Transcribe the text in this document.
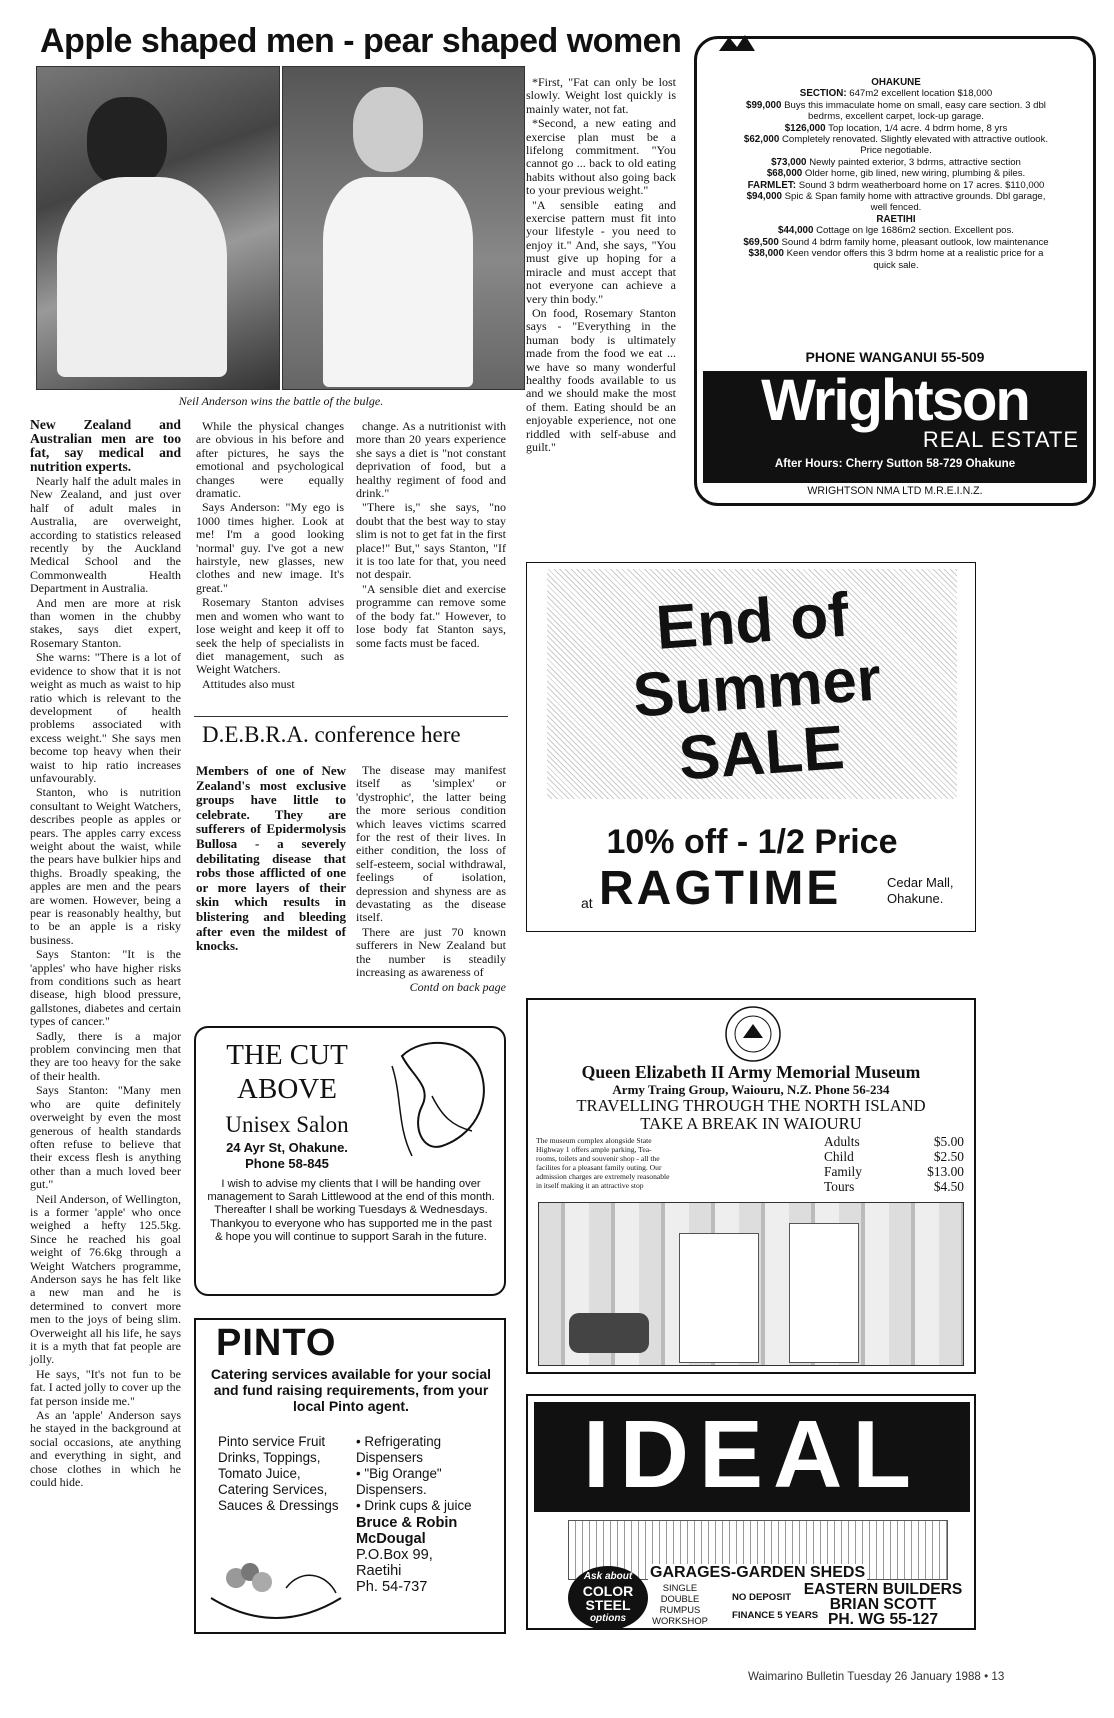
Apple shaped men - pear shaped women
Neil Anderson wins the battle of the bulge.

New Zealand and Australian men are too fat, say medical and nutrition experts.

Nearly half the adult males in New Zealand, and just over half of adult males in Australia, are overweight, according to statistics released recently by the Auckland Medical School and the Commonwealth Health Department in Australia.

And men are more at risk than women in the chubby stakes, says diet expert, Rosemary Stanton.

She warns: "There is a lot of evidence to show that it is not weight as much as waist to hip ratio which is relevant to the development of health problems associated with excess weight." She says men become top heavy when their waist to hip ratio increases unfavourably.

Stanton, who is nutrition consultant to Weight Watchers, describes people as apples or pears. The apples carry excess weight about the waist, while the pears have bulkier hips and thighs. Broadly speaking, the apples are men and the pears are women. However, being a pear is reasonably healthy, but to be an apple is a risky business.

Says Stanton: "It is the 'apples' who have higher risks from conditions such as heart disease, high blood pressure, gallstones, diabetes and certain types of cancer."

Sadly, there is a major problem convincing men that they are too heavy for the sake of their health.

Says Stanton: "Many men who are quite definitely overweight by even the most generous of health standards often refuse to believe that their excess flesh is anything other than a much loved beer gut."

Neil Anderson, of Wellington, is a former 'apple' who once weighed a hefty 125.5kg. Since he reached his goal weight of 76.6kg through a Weight Watchers programme, Anderson says he has felt like a new man and he is determined to convert more men to the joys of being slim. Overweight all his life, he says it is a myth that fat people are jolly.

He says, "It's not fun to be fat. I acted jolly to cover up the fat person inside me."

As an 'apple' Anderson says he stayed in the background at social occasions, ate anything and everything in sight, and chose clothes in which he could hide.

While the physical changes are obvious in his before and after pictures, he says the emotional and psychological changes were equally dramatic.

Says Anderson: "My ego is 1000 times higher. Look at me! I'm a good looking 'normal' guy. I've got a new hairstyle, new glasses, new clothes and new image. It's great."

Rosemary Stanton advises men and women who want to lose weight and keep it off to seek the help of specialists in diet management, such as Weight Watchers.

Attitudes also must

change. As a nutritionist with more than 20 years experience she says a diet is "not constant deprivation of food, but a healthy regiment of food and drink."

"There is," she says, "no doubt that the best way to stay slim is not to get fat in the first place!" But," says Stanton, "If it is too late for that, you need not despair.

"A sensible diet and exercise programme can remove some of the body fat." However, to lose body fat Stanton says, some facts must be faced.

*First, "Fat can only be lost slowly. Weight lost quickly is mainly water, not fat.

*Second, a new eating and exercise plan must be a lifelong commitment. "You cannot go ... back to old eating habits without also going back to your previous weight."

"A sensible eating and exercise pattern must fit into your lifestyle - you need to enjoy it." And, she says, "You must give up hoping for a miracle and must accept that not everyone can achieve a very thin body."

On food, Rosemary Stanton says - "Everything in the human body is ultimately made from the food we eat ... we have so many wonderful healthy foods available to us and we should make the most of them. Eating should be an enjoyable experience, not one riddled with self-abuse and guilt."

D.E.B.R.A. conference here
Members of one of New Zealand's most exclusive groups have little to celebrate. They are sufferers of Epidermolysis Bullosa - a severely debilitating disease that robs those afflicted of one or more layers of their skin which results in blistering and bleeding after even the mildest of knocks.

The disease may manifest itself as 'simplex' or 'dystrophic', the latter being the more serious condition which leaves victims scarred for the rest of their lives. In either condition, the loss of self-esteem, social withdrawal, feelings of isolation, depression and shyness are as devastating as the disease itself.

There are just 70 known sufferers in New Zealand but the number is steadily increasing as awareness of

Contd on back page

THE CUT
ABOVE
Unisex Salon
24 Ayr St, Ohakune.
Phone 58-845
I wish to advise my clients that I will be handing over management to Sarah Littlewood at the end of this month. Thereafter I shall be working Tuesdays & Wednesdays. Thankyou to everyone who has supported me in the past & hope you will continue to support Sarah in the future.
PINTO
Catering services available for your social and fund raising requirements, from your local Pinto agent.
Pinto service Fruit Drinks, Toppings, Tomato Juice, Catering Services, Sauces & Dressings
• Refrigerating Dispensers
• "Big Orange" Dispensers.
• Drink cups & juice
Bruce & Robin McDougal
P.O.Box 99,
Raetihi
Ph. 54-737
OHAKUNE
SECTION: 647m2 excellent location $18,000
$99,000 Buys this immaculate home on small, easy care section. 3 dbl bedrms, excellent carpet, lock-up garage.
$126,000 Top location, 1/4 acre. 4 bdrm home, 8 yrs
$62,000 Completely renovated. Slightly elevated with attractive outlook. Price negotiable.
$73,000 Newly painted exterior, 3 bdrms, attractive section
$68,000 Older home, gib lined, new wiring, plumbing & piles.
FARMLET: Sound 3 bdrm weatherboard home on 17 acres. $110,000
$94,000 Spic & Span family home with attractive grounds. Dbl garage, well fenced.
RAETIHI
$44,000 Cottage on lge 1686m2 section. Excellent pos.
$69,500 Sound 4 bdrm family home, pleasant outlook, low maintenance
$38,000 Keen vendor offers this 3 bdrm home at a realistic price for a quick sale.
PHONE WANGANUI 55-509
Wrightson
REAL ESTATE
After Hours: Cherry Sutton 58-729 Ohakune
WRIGHTSON NMA LTD M.R.E.I.N.Z.
End of Summer SALE
10% off - 1/2 Price
at RAGTIME	Cedar Mall,
Ohakune.
Queen Elizabeth II Army Memorial Museum
Army Traing Group, Waiouru, N.Z. Phone 56-234
TRAVELLING THROUGH THE NORTH ISLAND
TAKE A BREAK IN WAIOURU
The museum complex alongside State Highway 1 offers ample parking, Tea-rooms, toilets and souvenir shop - all the facilites for a pleasant family outing. Our admission charges are extremely reasonable in itself making it an attractive stop
Adults	$5.00
Child	$2.50
Family	$13.00
Tours	$4.50
IDEAL
Ask about
COLOR
STEEL
options
GARAGES-GARDEN SHEDS
SINGLE
DOUBLE
RUMPUS
WORKSHOP
NO DEPOSIT
FINANCE 5 YEARS
EASTERN BUILDERS
BRIAN SCOTT
PH. WG 55-127
Waimarino Bulletin Tuesday 26 January 1988 • 13
